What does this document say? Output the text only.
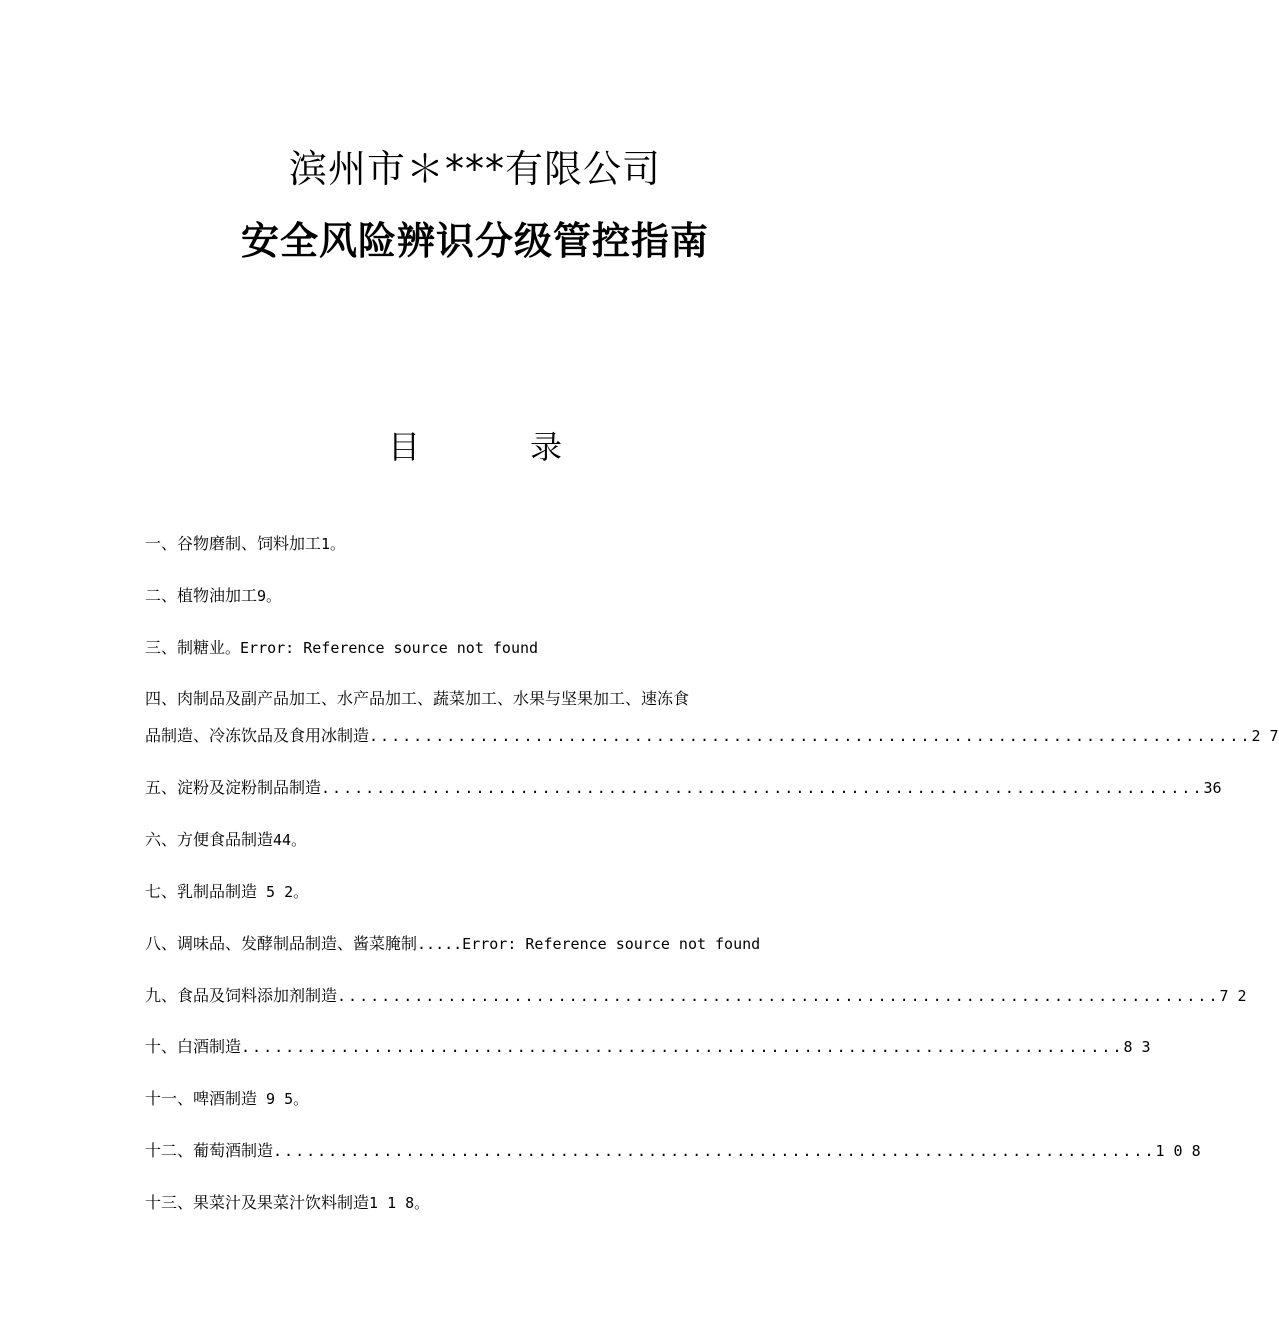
滨州市＊***有限公司
安全风险辨识分级管控指南
目	录
一、谷物磨制、饲料加工1。
二、植物油加工9。
三、制糖业。Error: Reference source not found
四、肉制品及副产品加工、水产品加工、蔬菜加工、水果与坚果加工、速冻食
品制造、冷冻饮品及食用冰制造 ................................................................................ 2 7
五、淀粉及淀粉制品制造 ................................................................................ 36
六、方便食品制造44。
七、乳制品制造 5 2。
八、调味品、发酵制品制造、酱菜腌制.....Error: Reference source not found
九、食品及饲料添加剂制造 ................................................................................ 7 2
十、白酒制造 ................................................................................ 8 3
十一、啤酒制造 9 5。
十二、葡萄酒制造 ................................................................................ 1 0 8
十三、果菜汁及果菜汁饮料制造1 1 8。
